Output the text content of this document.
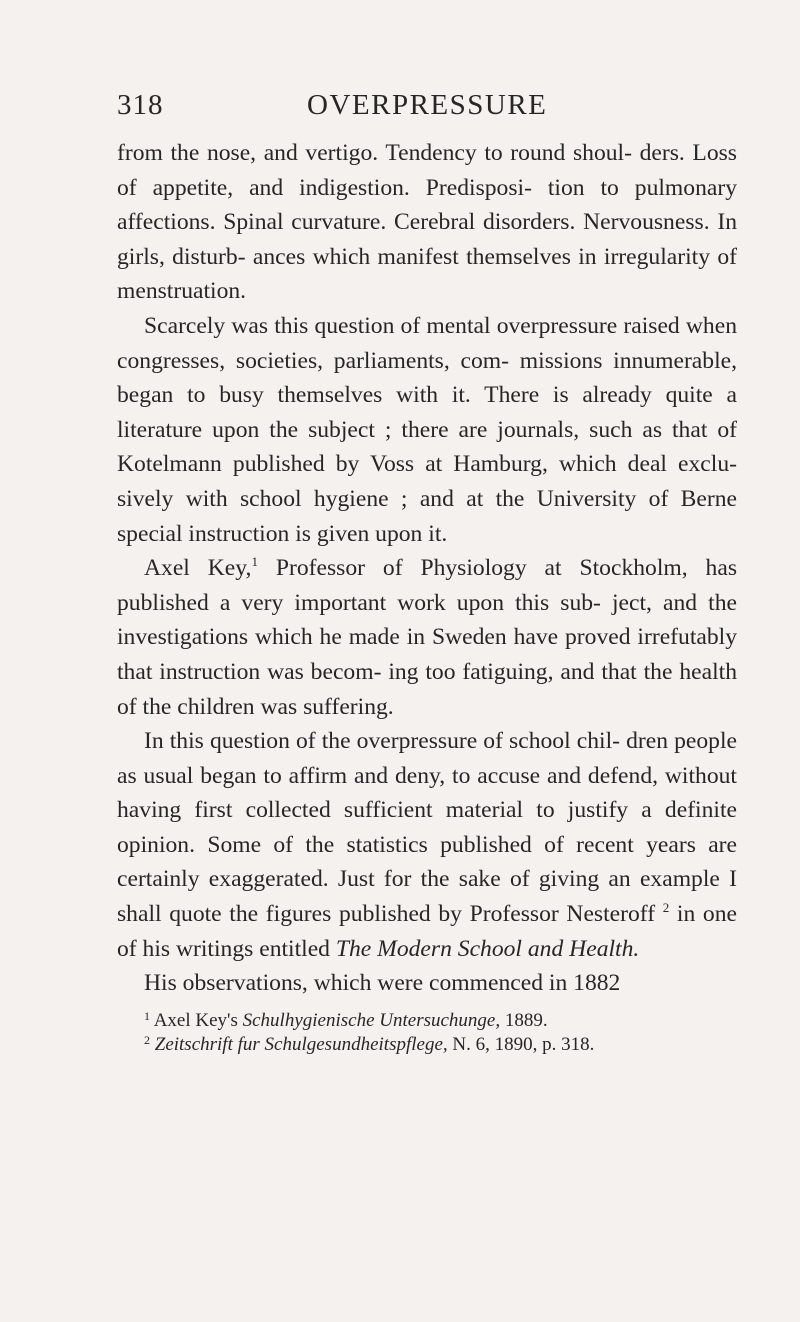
318	OVERPRESSURE

from the nose, and vertigo. Tendency to round shoul- ders. Loss of appetite, and indigestion. Predisposi- tion to pulmonary affections. Spinal curvature. Cerebral disorders. Nervousness. In girls, disturb- ances which manifest themselves in irregularity of menstruation.

Scarcely was this question of mental overpressure raised when congresses, societies, parliaments, com- missions innumerable, began to busy themselves with it. There is already quite a literature upon the subject ; there are journals, such as that of Kotelmann published by Voss at Hamburg, which deal exclu- sively with school hygiene ; and at the University of Berne special instruction is given upon it.

Axel Key,$^1$ Professor of Physiology at Stockholm, has published a very important work upon this sub- ject, and the investigations which he made in Sweden have proved irrefutably that instruction was becom- ing too fatiguing, and that the health of the children was suffering.

In this question of the overpressure of school chil- dren people as usual began to affirm and deny, to accuse and defend, without having first collected sufficient material to justify a definite opinion. Some of the statistics published of recent years are certainly exaggerated. Just for the sake of giving an example I shall quote the figures published by Professor Nesteroff $^2$ in one of his writings entitled The Modern School and Health.

His observations, which were commenced in 1882

$^1$ Axel Key's Schulhygienische Untersuchunge, 1889.

$^2$ Zeitschrift fur Schulgesundheitspflege, N. 6, 1890, p. 318.
